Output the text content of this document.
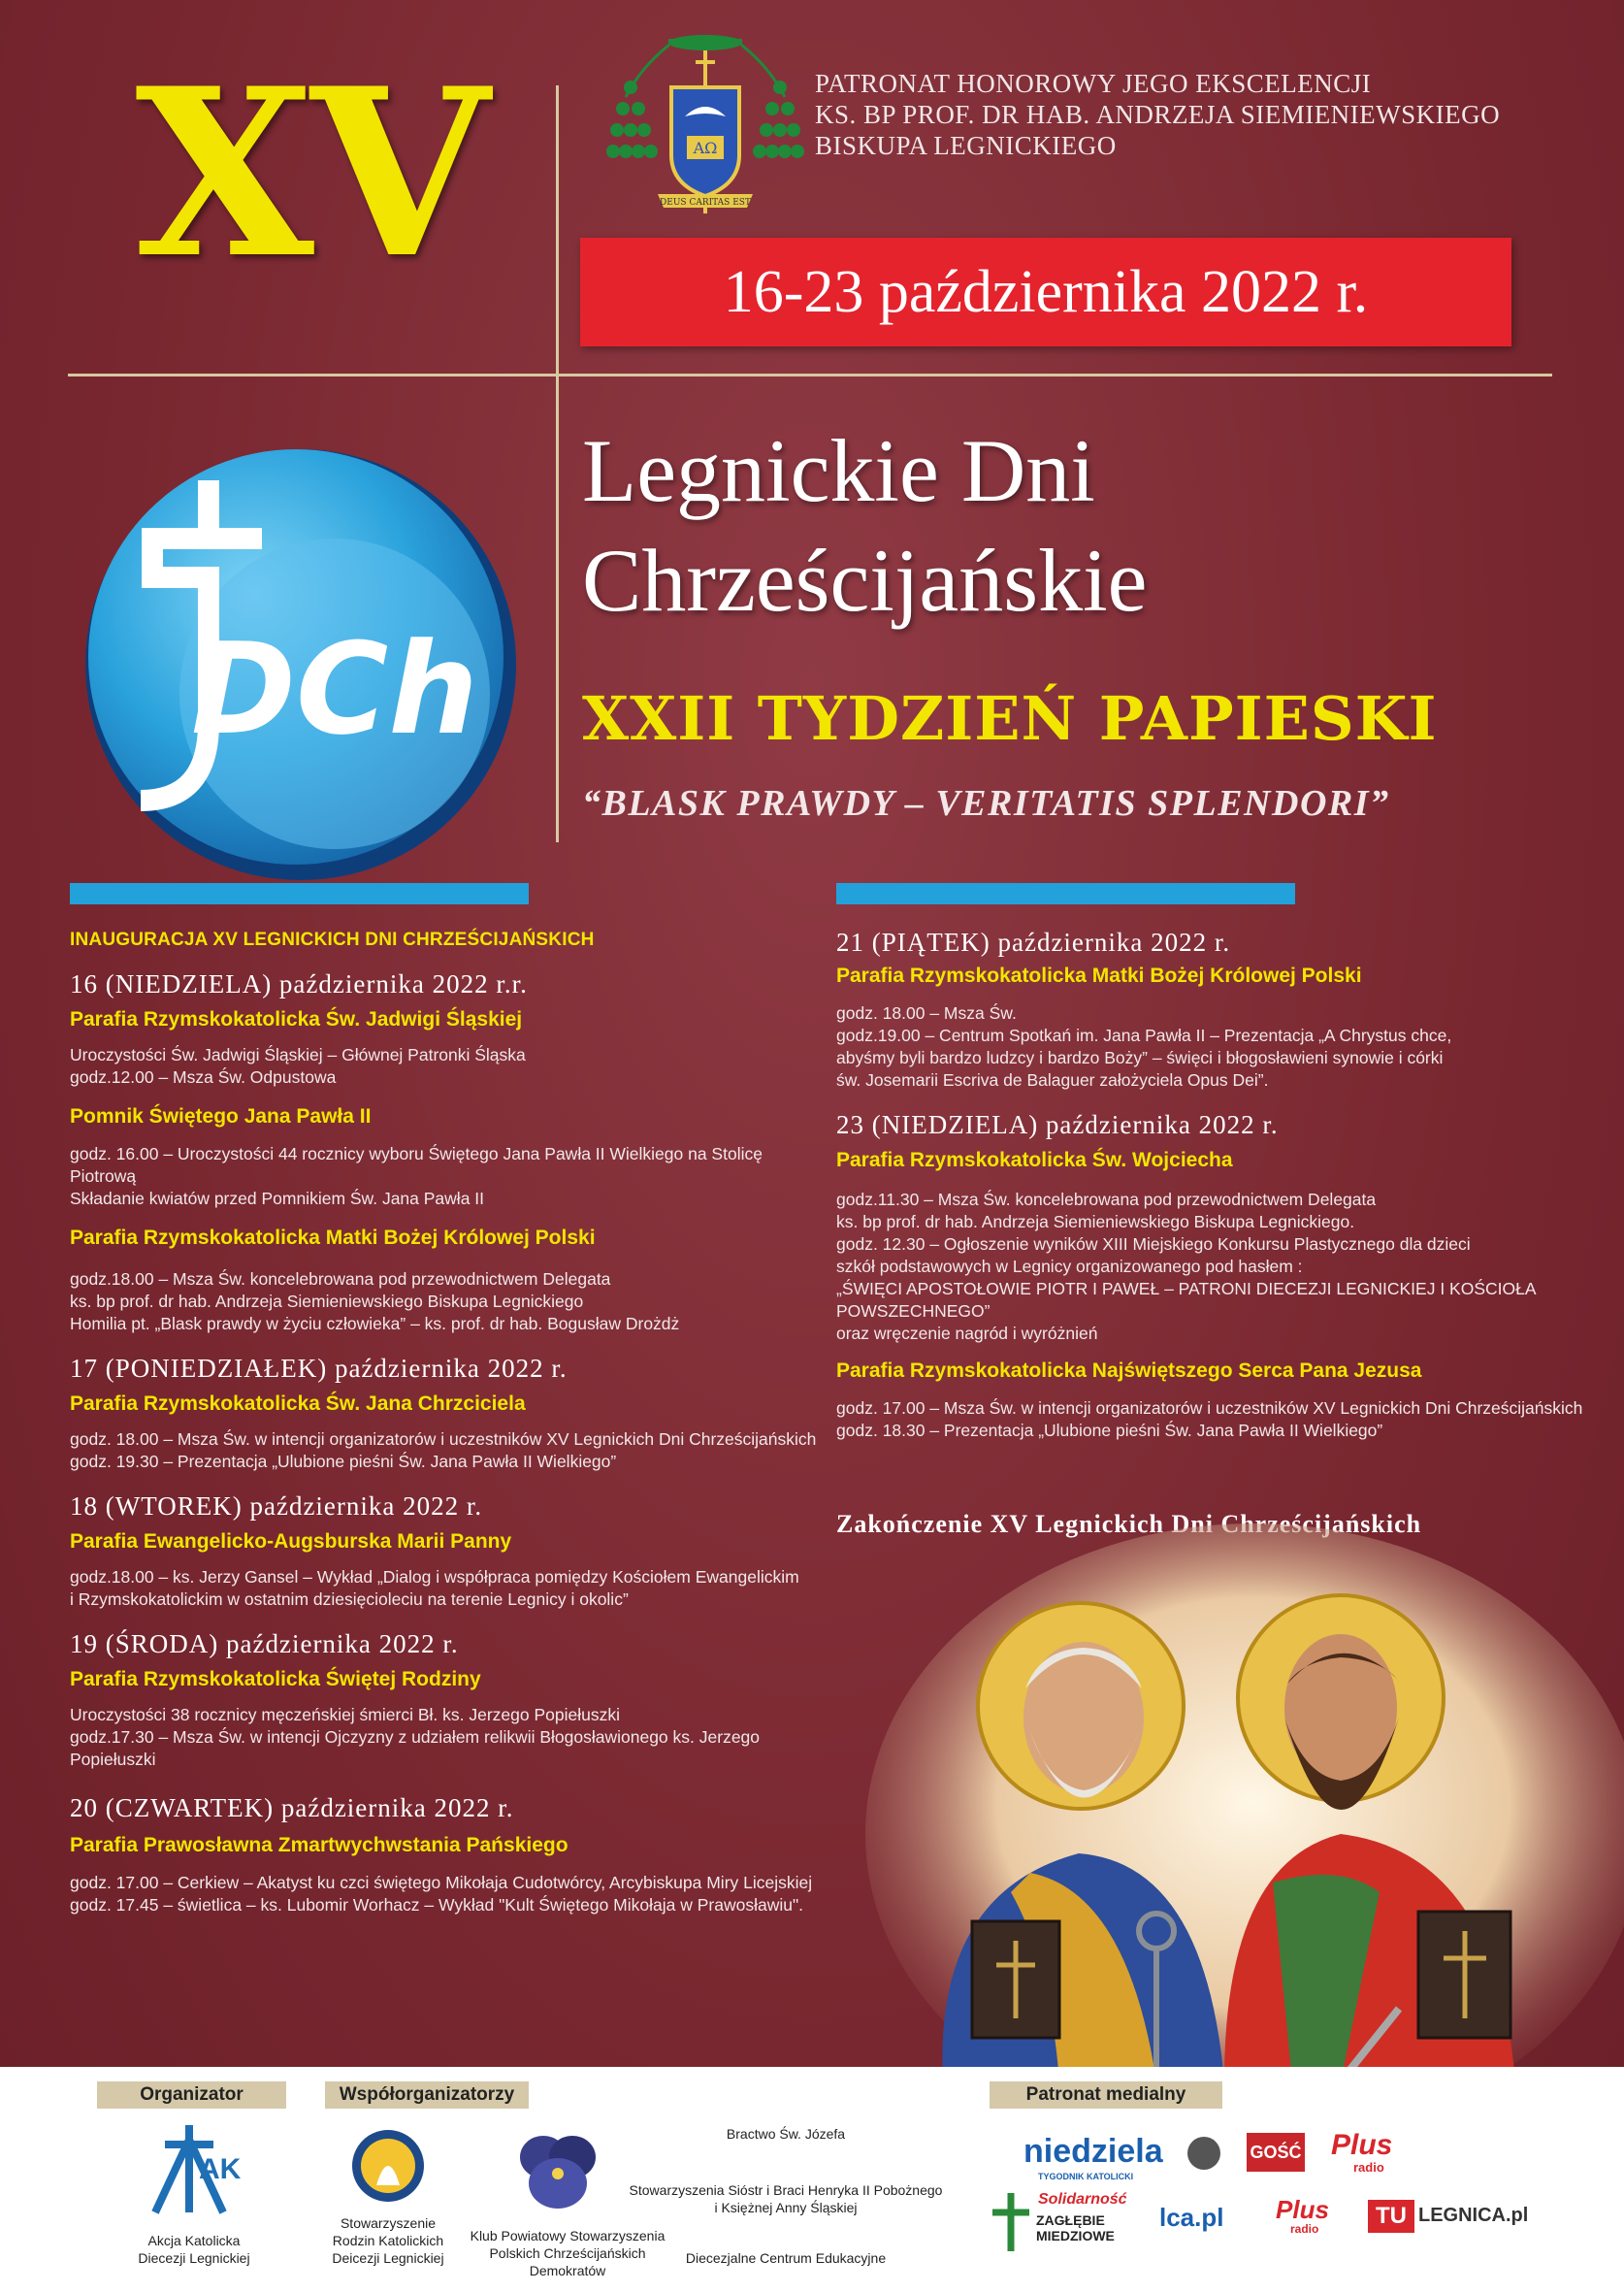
XV	AΩ
DEUS CARITAS EST
PATRONAT HONOROWY JEGO EKSCELENCJI
KS. BP PROF. DR HAB. ANDRZEJA SIEMIENIEWSKIEGO
BISKUPA LEGNICKIEGO
16-23 października 2022 r.
DCh
Legnickie Dni
Chrześcijańskie
XXII TYDZIEŃ PAPIESKI
“BLASK PRAWDY – VERITATIS SPLENDORI”
INAUGURACJA XV LEGNICKICH DNI CHRZEŚCIJAŃSKICH
16 (NIEDZIELA) października 2022 r.r.
Parafia Rzymskokatolicka Św. Jadwigi Śląskiej
Uroczystości Św. Jadwigi Śląskiej – Głównej Patronki Śląska
godz.12.00 – Msza Św. Odpustowa
Pomnik Świętego Jana Pawła II
godz. 16.00 – Uroczystości 44 rocznicy wyboru Świętego Jana Pawła II Wielkiego na Stolicę Piotrową
Składanie kwiatów przed Pomnikiem Św. Jana Pawła II
Parafia Rzymskokatolicka Matki Bożej Królowej Polski
godz.18.00 – Msza Św. koncelebrowana pod przewodnictwem Delegata
ks. bp prof. dr hab. Andrzeja Siemieniewskiego Biskupa Legnickiego
Homilia pt. „Blask prawdy w życiu człowieka” – ks. prof. dr hab. Bogusław Drożdż
17 (PONIEDZIAŁEK) października 2022 r.
Parafia Rzymskokatolicka Św. Jana Chrzciciela
godz. 18.00 – Msza Św. w intencji organizatorów i uczestników XV Legnickich Dni Chrześcijańskich
godz. 19.30 – Prezentacja „Ulubione pieśni Św. Jana Pawła II Wielkiego”
18 (WTOREK) października 2022 r.
Parafia Ewangelicko-Augsburska Marii Panny
godz.18.00 – ks. Jerzy Gansel – Wykład „Dialog i współpraca pomiędzy Kościołem Ewangelickim
i Rzymskokatolickim w ostatnim dziesięcioleciu na terenie Legnicy i okolic”
19 (ŚRODA) października 2022 r.
Parafia Rzymskokatolicka Świętej Rodziny
Uroczystości 38 rocznicy męczeńskiej śmierci Bł. ks. Jerzego Popiełuszki
godz.17.30 – Msza Św. w intencji Ojczyzny z udziałem relikwii Błogosławionego ks. Jerzego Popiełuszki
20 (CZWARTEK) października 2022 r.
Parafia Prawosławna Zmartwychwstania Pańskiego
godz. 17.00 – Cerkiew – Akatyst ku czci świętego Mikołaja Cudotwórcy, Arcybiskupa Miry Licejskiej
godz. 17.45 – świetlica – ks. Lubomir Worhacz – Wykład "Kult Świętego Mikołaja w Prawosławiu".
21 (PIĄTEK) października 2022 r.
Parafia Rzymskokatolicka Matki Bożej Królowej Polski
godz. 18.00 – Msza Św.
godz.19.00 – Centrum Spotkań im. Jana Pawła II – Prezentacja „A Chrystus chce,
abyśmy byli bardzo ludzcy i bardzo Boży” – święci i błogosławieni synowie i córki
św. Josemarii Escriva de Balaguer założyciela Opus Dei”.
23 (NIEDZIELA) października 2022 r.
Parafia Rzymskokatolicka Św. Wojciecha
godz.11.30 – Msza Św. koncelebrowana pod przewodnictwem Delegata
ks. bp prof. dr hab. Andrzeja Siemieniewskiego Biskupa Legnickiego.
godz. 12.30 – Ogłoszenie wyników XIII Miejskiego Konkursu Plastycznego dla dzieci
szkół podstawowych w Legnicy organizowanego pod hasłem :
„ŚWIĘCI APOSTOŁOWIE PIOTR I PAWEŁ – PATRONI DIECEZJI LEGNICKIEJ I KOŚCIOŁA POWSZECHNEGO”
oraz wręczenie nagród i wyróżnień
Parafia Rzymskokatolicka Najświętszego Serca Pana Jezusa
godz. 17.00 – Msza Św. w intencji organizatorów i uczestników XV Legnickich Dni Chrześcijańskich
godz. 18.30 – Prezentacja „Ulubione pieśni Św. Jana Pawła II Wielkiego”
Zakończenie XV Legnickich Dni Chrześcijańskich
Organizator
AK
Akcja Katolicka
Diecezji Legnickiej
Współorganizatorzy
Stowarzyszenie
Rodzin Katolickich
Deicezji Legnickiej
Klub Powiatowy Stowarzyszenia
Polskich Chrześcijańskich Demokratów
Bractwo Św. Józefa
Stowarzyszenia Sióstr i Braci Henryka II Pobożnego
i Księżnej Anny Śląskiej
Diecezjalne Centrum Edukacyjne
Patronat medialny
niedziela
TYGODNIK KATOLICKI
GOŚĆ Plus
radio
Solidarność
ZAGŁĘBIE MIEDZIOWE
lca.pl Plus
radio	TU LEGNICA.pl
